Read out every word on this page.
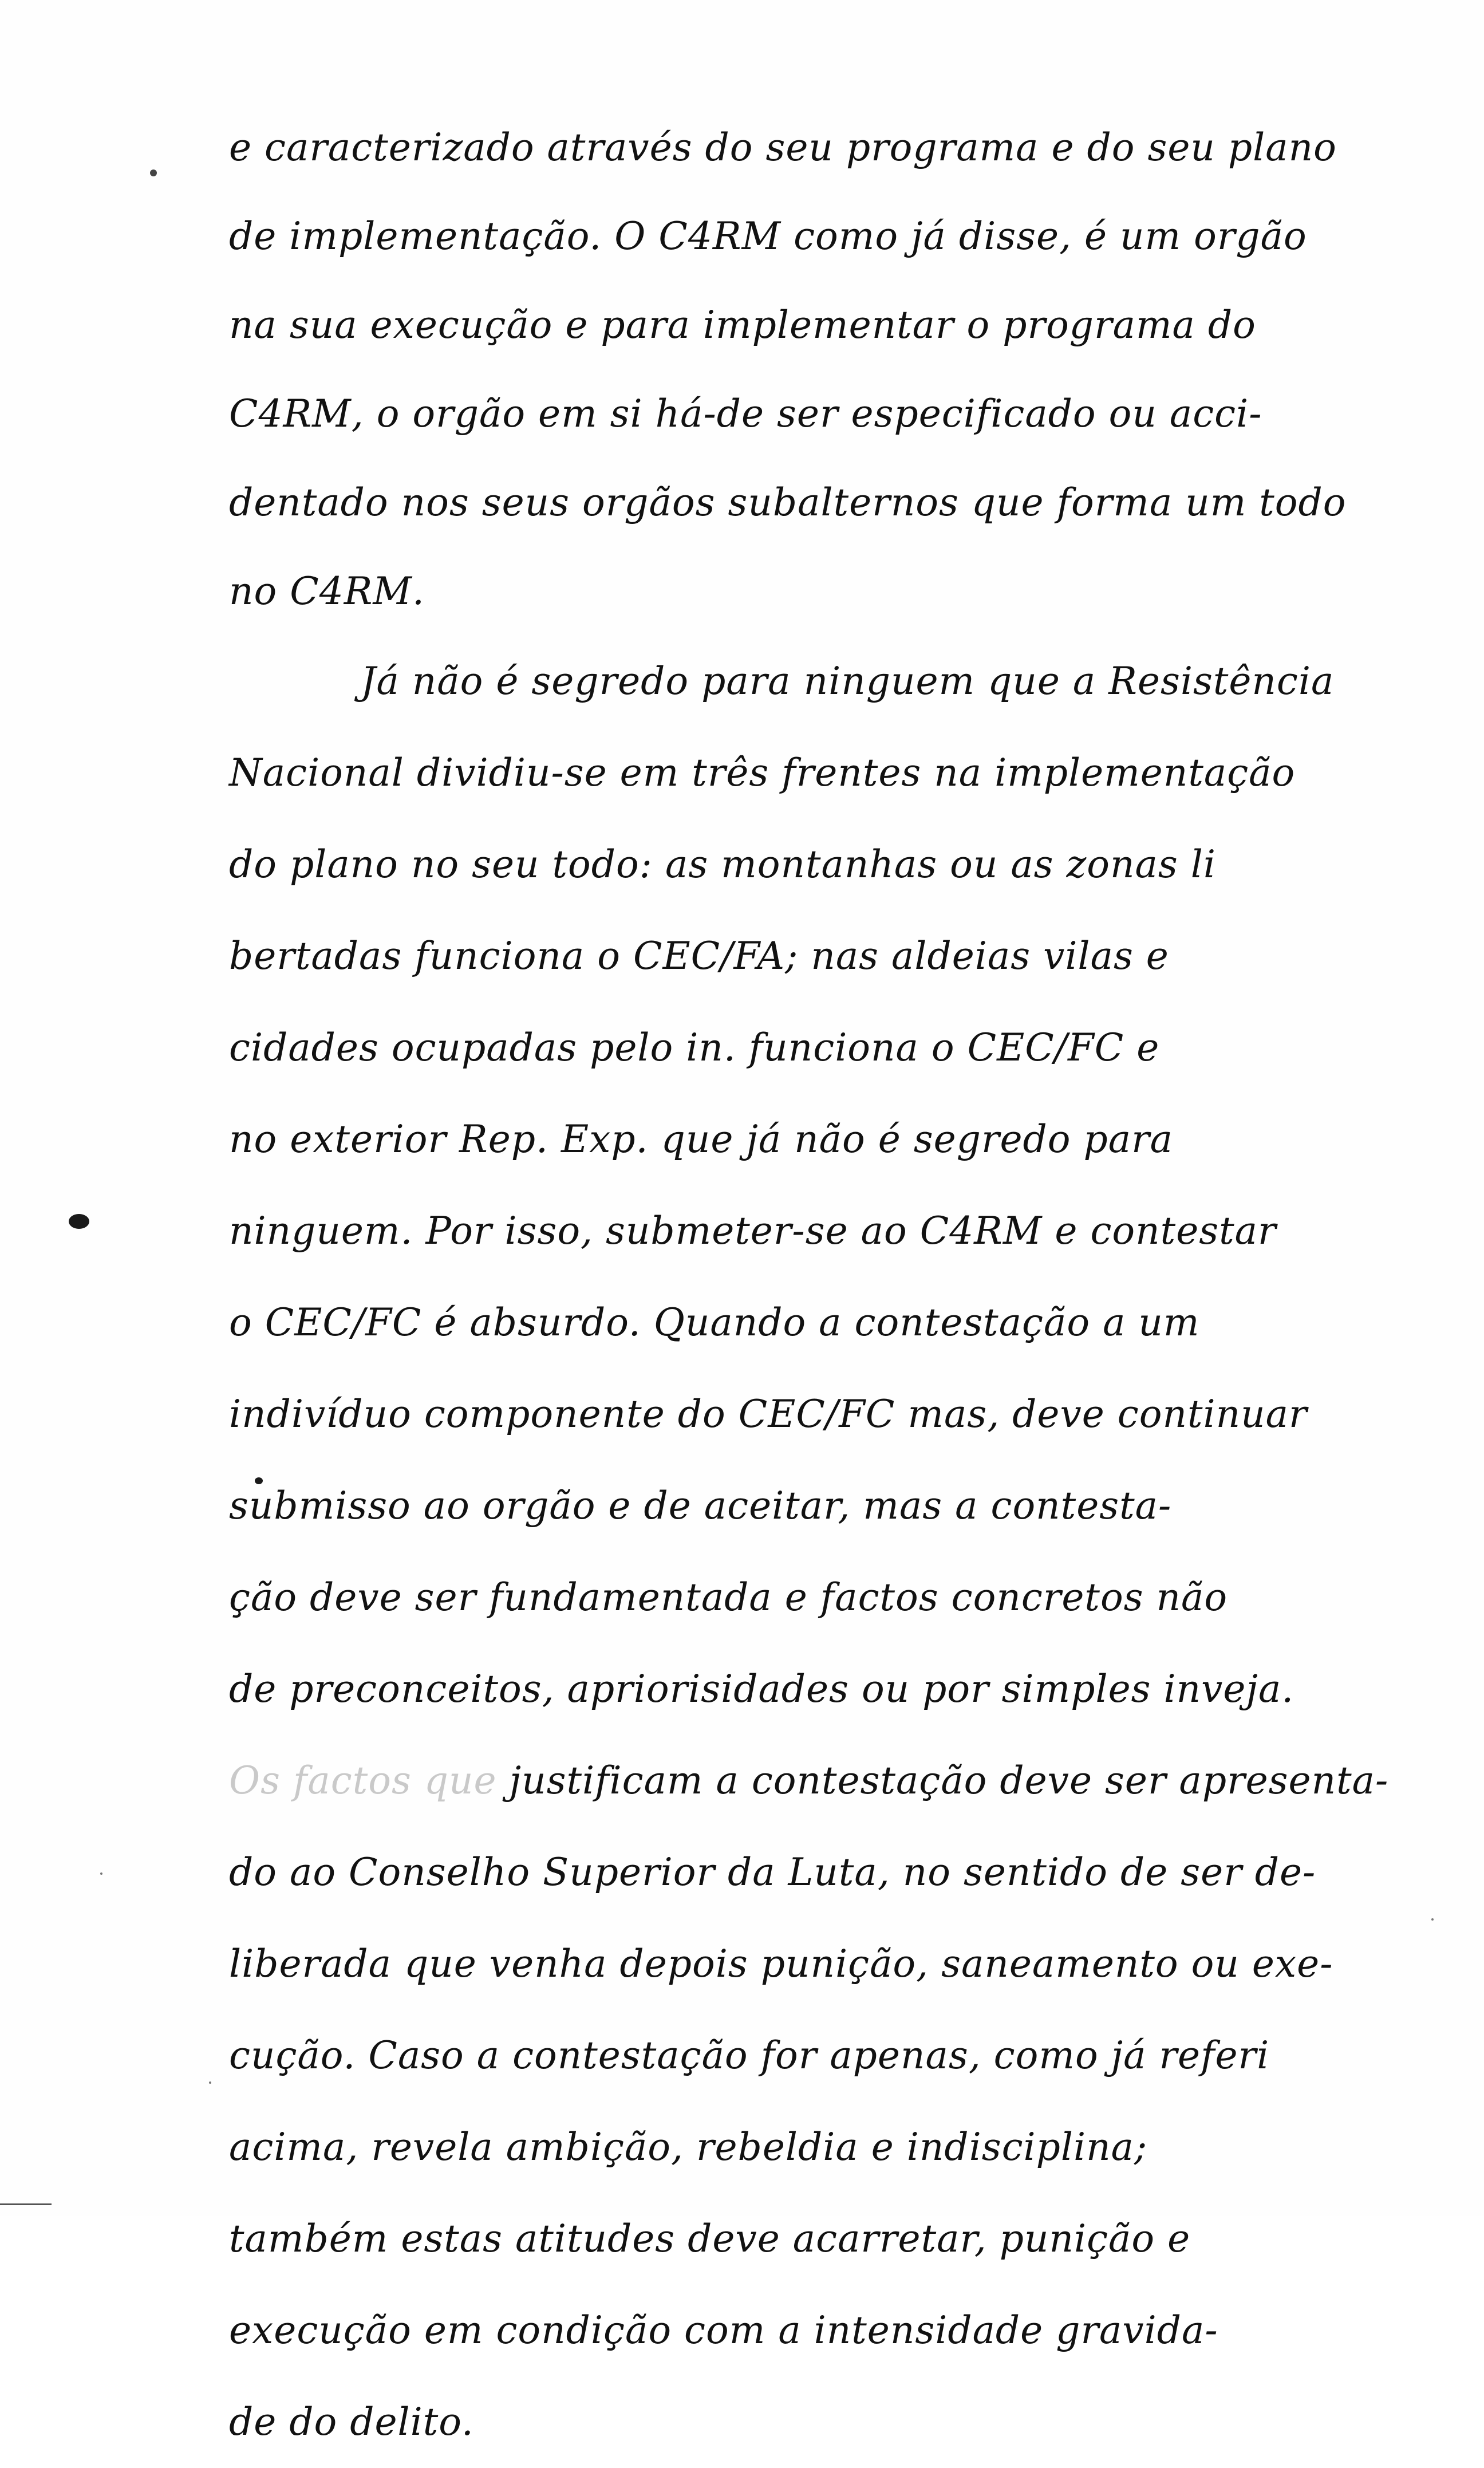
e caracterizado através do seu programa e do seu plano
de implementação. O C4RM como já disse, é um orgão
na sua execução e para implementar o programa do
C4RM, o orgão em si há-de ser especificado ou acci-
dentado nos seus orgãos subalternos que forma um todo
no C4RM.
Já não é segredo para ninguem que a Resistência
Nacional dividiu-se em três frentes na implementação
do plano no seu todo: as montanhas ou as zonas li
bertadas funciona o CEC/FA; nas aldeias vilas e
cidades ocupadas pelo in. funciona o CEC/FC e
no exterior Rep. Exp. que já não é segredo para
ninguem. Por isso, submeter-se ao C4RM e contestar
o CEC/FC é absurdo. Quando a contestação a um
indivíduo componente do CEC/FC mas, deve continuar
submisso ao orgão e de aceitar, mas a contesta-
ção deve ser fundamentada e factos concretos não
de preconceitos, apriorisidades ou por simples inveja.
Os factos que justificam a contestação deve ser apresenta-
do ao Conselho Superior da Luta, no sentido de ser de-
liberada que venha depois punição, saneamento ou exe-
cução. Caso a contestação for apenas, como já referi
acima, revela ambição, rebeldia e indisciplina;
também estas atitudes deve acarretar, punição e
execução em condição com a intensidade gravida-
de do delito.
